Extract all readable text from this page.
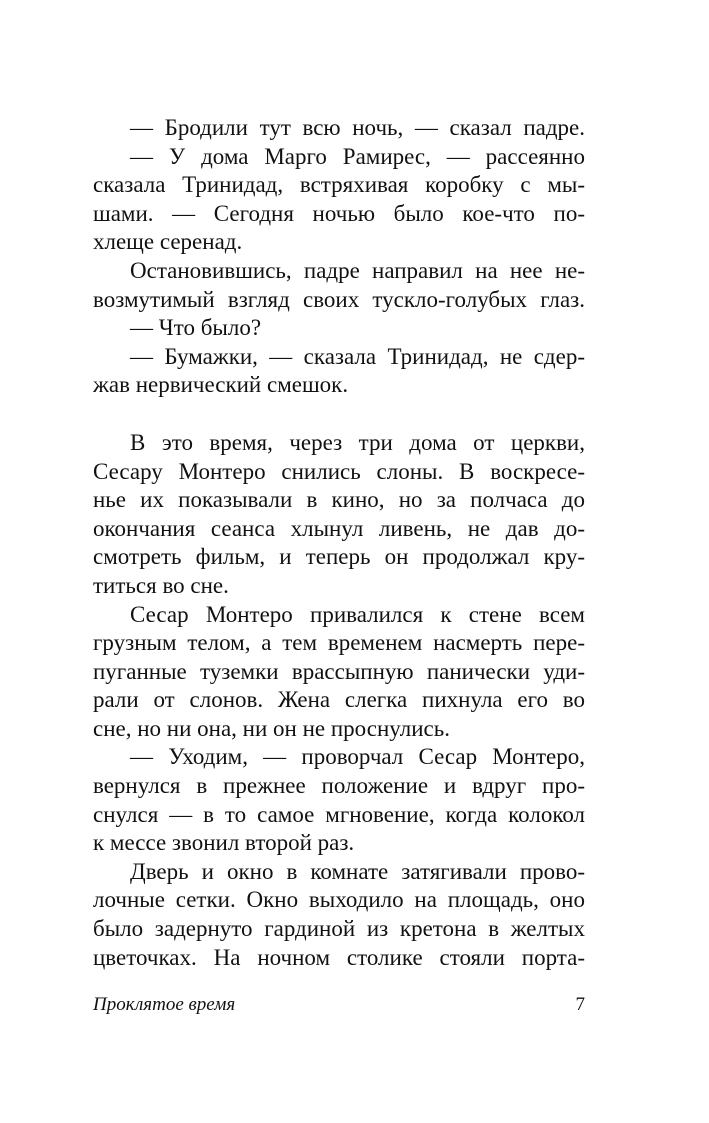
— Бродили тут всю ночь, — сказал падре.
— У дома Марго Рамирес, — рассеянно
сказала Тринидад, встряхивая коробку с мы-
шами. — Сегодня ночью было кое-что по-
хлеще серенад.
Остановившись, падре направил на нее не-
возмутимый взгляд своих тускло-голубых глаз.
— Что было?
— Бумажки, — сказала Тринидад, не сдер-
жав нервический смешок.
В это время, через три дома от церкви,
Сесару Монтеро снились слоны. В воскресе-
нье их показывали в кино, но за полчаса до
окончания сеанса хлынул ливень, не дав до-
смотреть фильм, и теперь он продолжал кру-
титься во сне.
Сесар Монтеро привалился к стене всем
грузным телом, а тем временем насмерть пере-
пуганные туземки врассыпную панически уди-
рали от слонов. Жена слегка пихнула его во
сне, но ни она, ни он не проснулись.
— Уходим, — проворчал Сесар Монтеро,
вернулся в прежнее положение и вдруг про-
снулся — в то самое мгновение, когда колокол
к мессе звонил второй раз.
Дверь и окно в комнате затягивали прово-
лочные сетки. Окно выходило на площадь, оно
было задернуто гардиной из кретона в желтых
цветочках. На ночном столике стояли порта-
Проклятое время	7
